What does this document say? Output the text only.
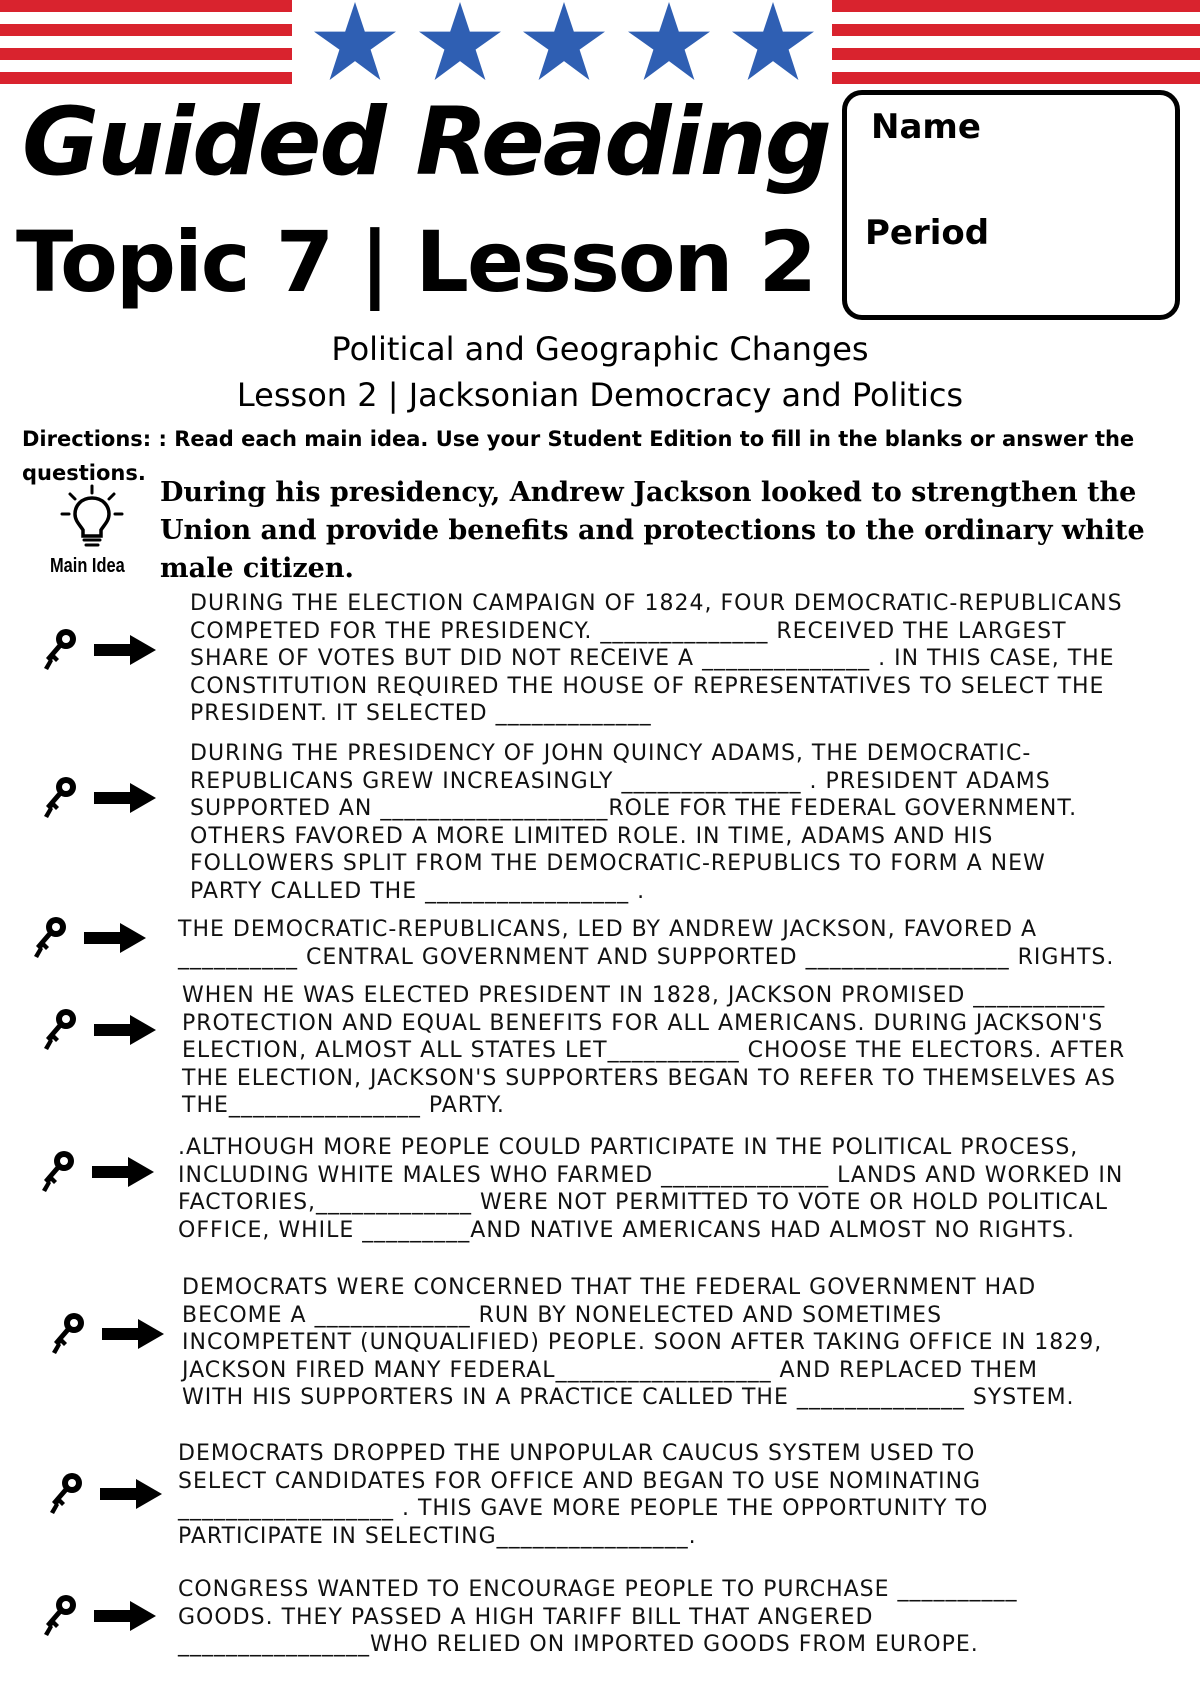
Guided Reading
Topic 7 | Lesson 2
Name
Period
Political and Geographic Changes
Lesson 2 | Jacksonian Democracy and Politics
Directions: : Read each main idea. Use your Student Edition to fill in the blanks or answer the questions.
Main Idea
During his presidency, Andrew Jackson looked to strengthen the Union and provide benefits and protections to the ordinary white male citizen.
DURING THE ELECTION CAMPAIGN OF 1824, FOUR DEMOCRATIC-REPUBLICANS
COMPETED FOR THE PRESIDENCY. ______________ RECEIVED THE LARGEST
SHARE OF VOTES BUT DID NOT RECEIVE A ______________ . IN THIS CASE, THE
CONSTITUTION REQUIRED THE HOUSE OF REPRESENTATIVES TO SELECT THE
PRESIDENT. IT SELECTED _____________
DURING THE PRESIDENCY OF JOHN QUINCY ADAMS, THE DEMOCRATIC-
REPUBLICANS GREW INCREASINGLY _______________ . PRESIDENT ADAMS
SUPPORTED AN ___________________ROLE FOR THE FEDERAL GOVERNMENT.
OTHERS FAVORED A MORE LIMITED ROLE. IN TIME, ADAMS AND HIS
FOLLOWERS SPLIT FROM THE DEMOCRATIC-REPUBLICS TO FORM A NEW
PARTY CALLED THE _________________ .
THE DEMOCRATIC-REPUBLICANS, LED BY ANDREW JACKSON, FAVORED A
__________ CENTRAL GOVERNMENT AND SUPPORTED _________________ RIGHTS.
WHEN HE WAS ELECTED PRESIDENT IN 1828, JACKSON PROMISED ___________
PROTECTION AND EQUAL BENEFITS FOR ALL AMERICANS. DURING JACKSON'S
ELECTION, ALMOST ALL STATES LET___________ CHOOSE THE ELECTORS. AFTER
THE ELECTION, JACKSON'S SUPPORTERS BEGAN TO REFER TO THEMSELVES AS
THE________________ PARTY.
.ALTHOUGH MORE PEOPLE COULD PARTICIPATE IN THE POLITICAL PROCESS,
INCLUDING WHITE MALES WHO FARMED ______________ LANDS AND WORKED IN
FACTORIES,_____________ WERE NOT PERMITTED TO VOTE OR HOLD POLITICAL
OFFICE, WHILE _________AND NATIVE AMERICANS HAD ALMOST NO RIGHTS.
DEMOCRATS WERE CONCERNED THAT THE FEDERAL GOVERNMENT HAD
BECOME A _____________ RUN BY NONELECTED AND SOMETIMES
INCOMPETENT (UNQUALIFIED) PEOPLE. SOON AFTER TAKING OFFICE IN 1829,
JACKSON FIRED MANY FEDERAL__________________ AND REPLACED THEM
WITH HIS SUPPORTERS IN A PRACTICE CALLED THE ______________ SYSTEM.
DEMOCRATS DROPPED THE UNPOPULAR CAUCUS SYSTEM USED TO
SELECT CANDIDATES FOR OFFICE AND BEGAN TO USE NOMINATING
__________________ . THIS GAVE MORE PEOPLE THE OPPORTUNITY TO
PARTICIPATE IN SELECTING________________.
CONGRESS WANTED TO ENCOURAGE PEOPLE TO PURCHASE __________
GOODS. THEY PASSED A HIGH TARIFF BILL THAT ANGERED
________________WHO RELIED ON IMPORTED GOODS FROM EUROPE.
